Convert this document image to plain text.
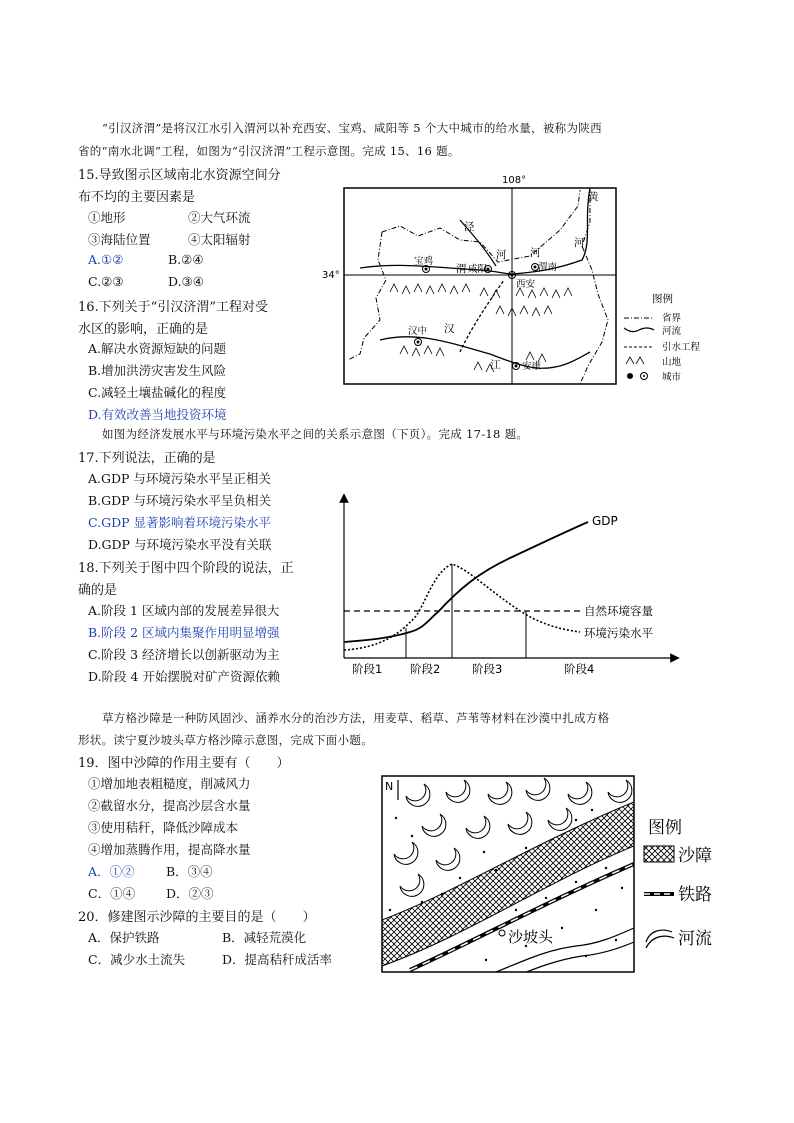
“引汉济渭”是将汉江水引入渭河以补充西安、宝鸡、咸阳等 5 个大中城市的给水量，被称为陕西
省的“南水北调”工程，如图为“引汉济渭”工程示意图。完成 15、16 题。
15.导致图示区域南北水资源空间分
布不均的主要因素是
①地形	②大气环流
③海陆位置	④太阳辐射
A.①②	B.②④
C.②③	D.③④
16.下列关于“引汉济渭”工程对受
水区的影响，正确的是
A.解决水资源短缺的问题
B.增加洪涝灾害发生风险
C.减轻土壤盐碱化的程度
D.有效改善当地投资环境
108°
34°
黄
河
泾
河 河
宝鸡
渭 咸阳	渭南
西安
汉中 汉
江 安康
图例
省界
河流
引水工程
山地
城市
如图为经济发展水平与环境污染水平之间的关系示意图（下页）。完成 17-18 题。
17.下列说法，正确的是
A.GDP 与环境污染水平呈正相关
B.GDP 与环境污染水平呈负相关
C.GDP 显著影响着环境污染水平
D.GDP 与环境污染水平没有关联
18.下列关于图中四个阶段的说法，正
确的是
A.阶段 1 区域内部的发展差异很大
B.阶段 2 区域内集聚作用明显增强
C.阶段 3 经济增长以创新驱动为主
D.阶段 4 开始摆脱对矿产资源依赖
GDP
自然环境容量
环境污染水平
阶段1 阶段2	阶段3	阶段4
草方格沙障是一种防风固沙、涵养水分的治沙方法，用麦草、稻草、芦苇等材料在沙漠中扎成方格
形状。读宁夏沙坡头草方格沙障示意图，完成下面小题。
19．图中沙障的作用主要有（　　）
①增加地表粗糙度，削减风力
②截留水分，提高沙层含水量
③使用秸秆，降低沙障成本
④增加蒸腾作用，提高降水量
A．①②	B．③④
C．①④ D．②③
20．修建图示沙障的主要目的是（　　）
A．保护铁路	B．减轻荒漠化
C．减少水土流失	D．提高秸秆成活率
N
沙坡头
图例
沙障
铁路
河流
